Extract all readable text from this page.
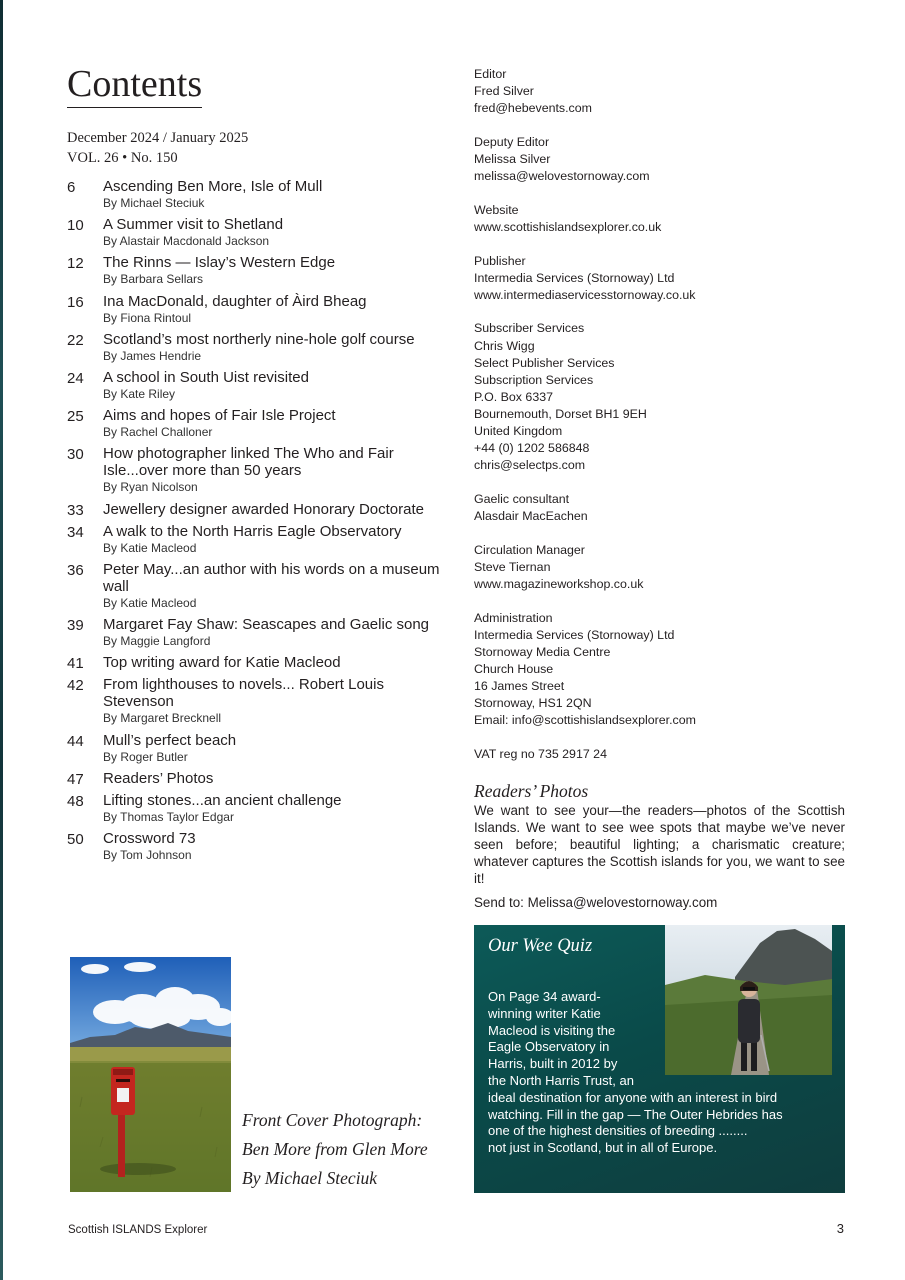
Contents
December 2024 / January 2025
VOL. 26 • No. 150
6 Ascending Ben More, Isle of Mull
By Michael Steciuk
10 A Summer visit to Shetland
By Alastair Macdonald Jackson
12 The Rinns — Islay’s Western Edge
By Barbara Sellars
16 Ina MacDonald, daughter of Àird Bheag
By Fiona Rintoul
22 Scotland’s most northerly nine-hole golf course
By James Hendrie
24 A school in South Uist revisited
By Kate Riley
25 Aims and hopes of Fair Isle Project
By Rachel Challoner
30 How photographer linked The Who and Fair Isle...over more than 50 years
By Ryan Nicolson
33 Jewellery designer awarded Honorary Doctorate
34 A walk to the North Harris Eagle Observatory
By Katie Macleod
36 Peter May...an author with his words on a museum wall
By Katie Macleod
39 Margaret Fay Shaw: Seascapes and Gaelic song
By Maggie Langford
41 Top writing award for Katie Macleod
42 From lighthouses to novels... Robert Louis Stevenson
By Margaret Brecknell
44 Mull’s perfect beach
By Roger Butler
47 Readers’ Photos
48 Lifting stones...an ancient challenge
By Thomas Taylor Edgar
50 Crossword 73
By Tom Johnson
Front Cover Photograph:
Ben More from Glen More
By Michael Steciuk
Editor
Fred Silver
fred@hebevents.com
Deputy Editor
Melissa Silver
melissa@welovestornoway.com
Website
www.scottishislandsexplorer.co.uk
Publisher
Intermedia Services (Stornoway) Ltd
www.intermediaservicesstornoway.co.uk
Subscriber Services
Chris Wigg
Select Publisher Services
Subscription Services
P.O. Box 6337
Bournemouth, Dorset BH1 9EH
United Kingdom
+44 (0) 1202 586848
chris@selectps.com
Gaelic consultant
Alasdair MacEachen
Circulation Manager
Steve Tiernan
www.magazineworkshop.co.uk
Administration
Intermedia Services (Stornoway) Ltd
Stornoway Media Centre
Church House
16 James Street
Stornoway, HS1 2QN
Email: info@scottishislandsexplorer.com
VAT reg no 735 2917 24
Readers’ Photos

We want to see your—the readers—photos of the Scottish Islands. We want to see wee spots that maybe we’ve never seen before; beautiful lighting; a charismatic creature; whatever captures the Scottish islands for you, we want to see it!

Send to: Melissa@welovestornoway.com
Our Wee Quiz
On Page 34 award-
winning writer Katie
Macleod is visiting the
Eagle Observatory in
Harris, built in 2012 by
the North Harris Trust, an
ideal destination for anyone with an interest in bird
watching. Fill in the gap — The Outer Hebrides has
one of the highest densities of breeding ........
not just in Scotland, but in all of Europe.
Scottish ISLANDS Explorer	3
